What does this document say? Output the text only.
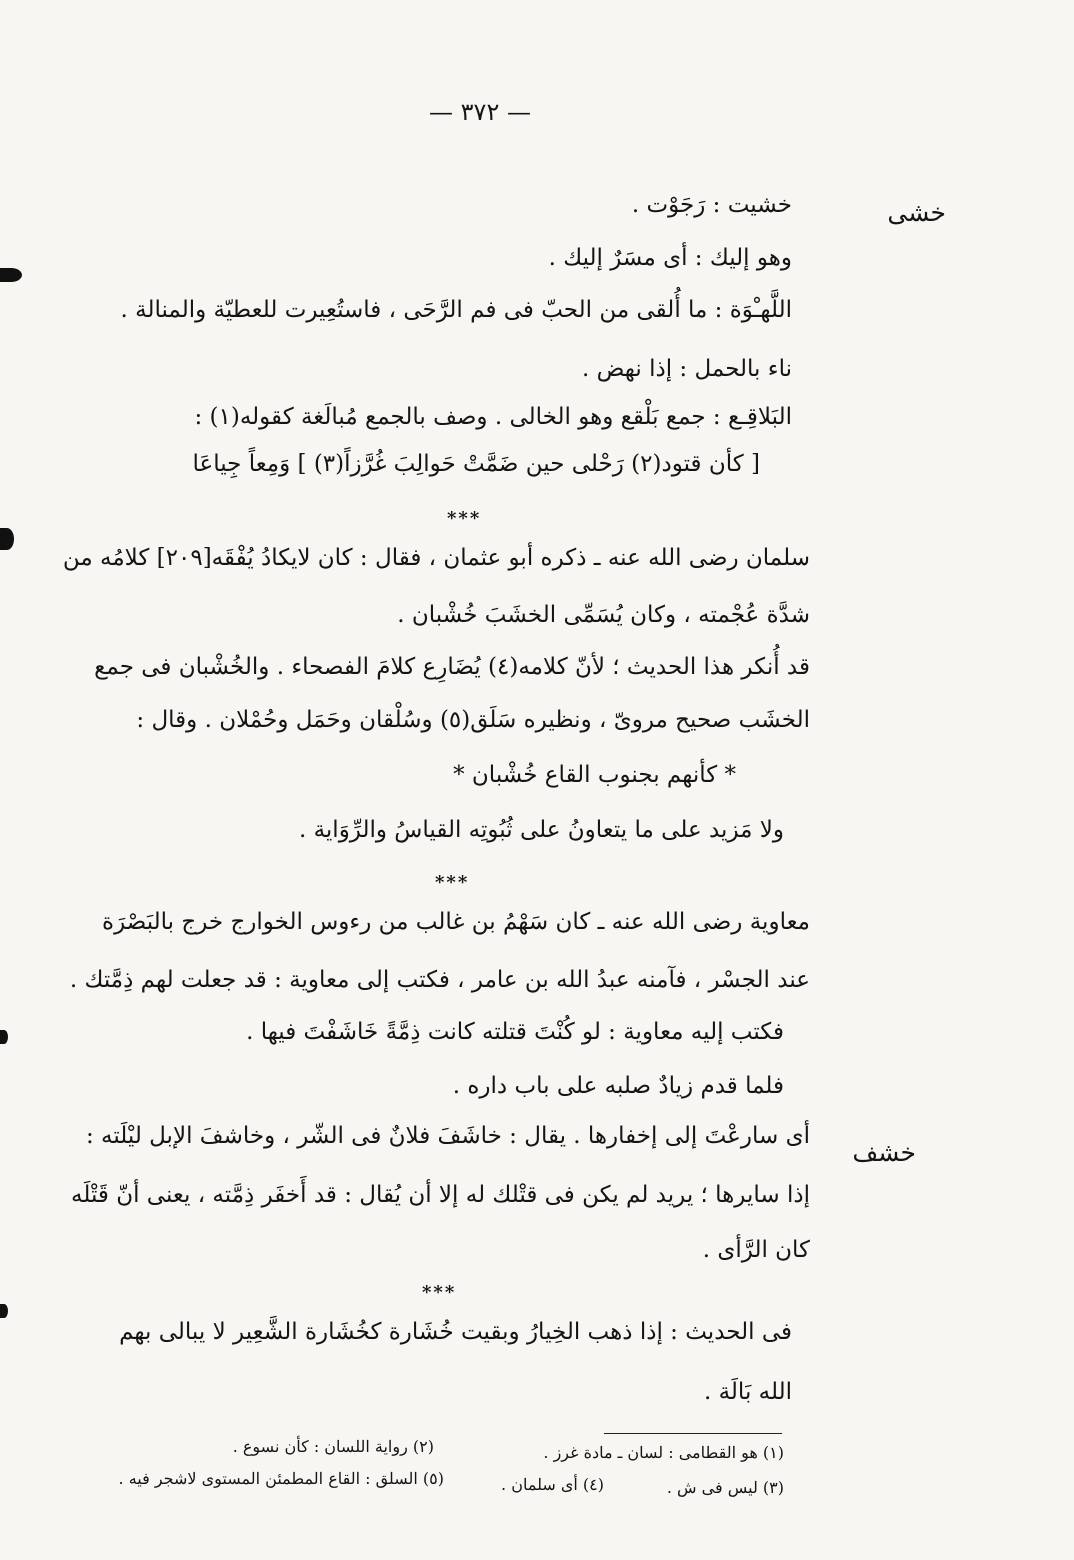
— ٣٧٢ —
خشى
خشف
خشيت : رَجَوْت .
وهو إليك : أى مسَرٌ إليك .
اللَّهـْوَة : ما أُلقى من الحبّ فى فم الرَّحَى ، فاستُعِيرت للعطيّة والمنالة .
ناء بالحمل : إذا نهض .
البَلاقِـع : جمع بَلْقع وهو الخالى . وصف بالجمع مُبالَغة كقوله(١) :
[ كأن قتود(٢) رَحْلى حين ضَمَّتْ حَوالِبَ غُرَّزاً(٣) ] وَمِعاً جِياعَا
***
سلمان رضى الله عنه ـ ذكره أبو عثمان ، فقال : كان لايكادُ يُفْقَه[٢٠٩] كلامُه من
شدَّة عُجْمته ، وكان يُسَمِّى الخشَبَ خُشْبان .
قد أُنكر هذا الحديث ؛ لأنّ كلامه(٤) يُضَارِع كلامَ الفصحاء . والخُشْبان فى جمع
الخشَب صحيح مروىّ ، ونظيره سَلَق(٥) وسُلْقان وحَمَل وحُمْلان . وقال :
* كأنهم بجنوب القاع خُشْبان *
ولا مَزيد على ما يتعاونُ على ثُبُوتِه القياسُ والرِّوَاية .
***
معاوية رضى الله عنه ـ كان سَهْمُ بن غالب من رءوس الخوارج خرج بالبَصْرَة
عند الجسْر ، فآمنه عبدُ الله بن عامر ، فكتب إلى معاوية : قد جعلت لهم ذِمَّتك .
فكتب إليه معاوية : لو كُنْتَ قتلته كانت ذِمَّةً خَاشَفْتَ فيها .
فلما قدم زيادٌ صلبه على باب داره .
أى سارعْتَ إلى إخفارها . يقال : خاشَفَ فلانٌ فى الشّر ، وخاشفَ الإبل ليْلَته :
إذا سايرها ؛ يريد لم يكن فى قتْلك له إلا أن يُقال : قد أَخفَر ذِمَّته ، يعنى أنّ قَتْلَه
كان الرَّأى .
***
فى الحديث : إذا ذهب الخِيارُ وبقيت خُشَارة كخُشَارة الشَّعِير لا يبالى بهم
الله بَالَة .
(١) هو القطامى : لسان ـ مادة غرز .
(٢) رواية اللسان : كأن نسوع .
(٣) ليس فى ش .
(٤) أى سلمان .
(٥) السلق : القاع المطمئن المستوى لاشجر فيه .
